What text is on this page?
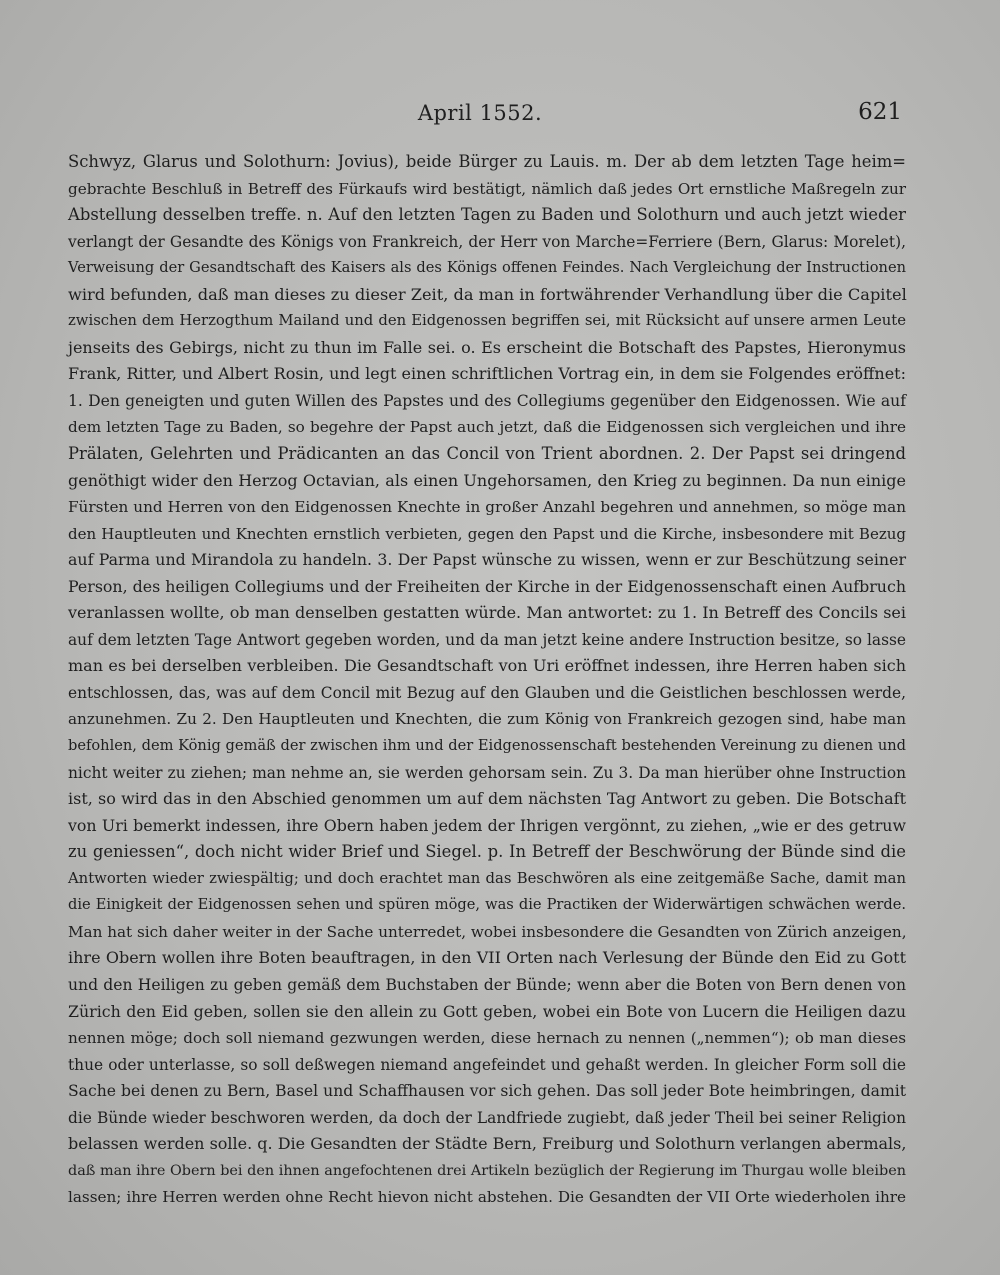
April 1552.	621
Schwyz, Glarus und Solothurn: Jovius), beide Bürger zu Lauis. m. Der ab dem letzten Tage heim=
gebrachte Beschluß in Betreff des Fürkaufs wird bestätigt, nämlich daß jedes Ort ernstliche Maßregeln zur
Abstellung desselben treffe. n. Auf den letzten Tagen zu Baden und Solothurn und auch jetzt wieder
verlangt der Gesandte des Königs von Frankreich, der Herr von Marche=Ferriere (Bern, Glarus: Morelet),
Verweisung der Gesandtschaft des Kaisers als des Königs offenen Feindes. Nach Vergleichung der Instructionen
wird befunden, daß man dieses zu dieser Zeit, da man in fortwährender Verhandlung über die Capitel
zwischen dem Herzogthum Mailand und den Eidgenossen begriffen sei, mit Rücksicht auf unsere armen Leute
jenseits des Gebirgs, nicht zu thun im Falle sei. o. Es erscheint die Botschaft des Papstes, Hieronymus
Frank, Ritter, und Albert Rosin, und legt einen schriftlichen Vortrag ein, in dem sie Folgendes eröffnet:
1. Den geneigten und guten Willen des Papstes und des Collegiums gegenüber den Eidgenossen. Wie auf
dem letzten Tage zu Baden, so begehre der Papst auch jetzt, daß die Eidgenossen sich vergleichen und ihre
Prälaten, Gelehrten und Prädicanten an das Concil von Trient abordnen. 2. Der Papst sei dringend
genöthigt wider den Herzog Octavian, als einen Ungehorsamen, den Krieg zu beginnen. Da nun einige
Fürsten und Herren von den Eidgenossen Knechte in großer Anzahl begehren und annehmen, so möge man
den Hauptleuten und Knechten ernstlich verbieten, gegen den Papst und die Kirche, insbesondere mit Bezug
auf Parma und Mirandola zu handeln. 3. Der Papst wünsche zu wissen, wenn er zur Beschützung seiner
Person, des heiligen Collegiums und der Freiheiten der Kirche in der Eidgenossenschaft einen Aufbruch
veranlassen wollte, ob man denselben gestatten würde. Man antwortet: zu 1. In Betreff des Concils sei
auf dem letzten Tage Antwort gegeben worden, und da man jetzt keine andere Instruction besitze, so lasse
man es bei derselben verbleiben. Die Gesandtschaft von Uri eröffnet indessen, ihre Herren haben sich
entschlossen, das, was auf dem Concil mit Bezug auf den Glauben und die Geistlichen beschlossen werde,
anzunehmen. Zu 2. Den Hauptleuten und Knechten, die zum König von Frankreich gezogen sind, habe man
befohlen, dem König gemäß der zwischen ihm und der Eidgenossenschaft bestehenden Vereinung zu dienen und
nicht weiter zu ziehen; man nehme an, sie werden gehorsam sein. Zu 3. Da man hierüber ohne Instruction
ist, so wird das in den Abschied genommen um auf dem nächsten Tag Antwort zu geben. Die Botschaft
von Uri bemerkt indessen, ihre Obern haben jedem der Ihrigen vergönnt, zu ziehen, „wie er des getruw
zu geniessen“, doch nicht wider Brief und Siegel. p. In Betreff der Beschwörung der Bünde sind die
Antworten wieder zwiespältig; und doch erachtet man das Beschwören als eine zeitgemäße Sache, damit man
die Einigkeit der Eidgenossen sehen und spüren möge, was die Practiken der Widerwärtigen schwächen werde.
Man hat sich daher weiter in der Sache unterredet, wobei insbesondere die Gesandten von Zürich anzeigen,
ihre Obern wollen ihre Boten beauftragen, in den VII Orten nach Verlesung der Bünde den Eid zu Gott
und den Heiligen zu geben gemäß dem Buchstaben der Bünde; wenn aber die Boten von Bern denen von
Zürich den Eid geben, sollen sie den allein zu Gott geben, wobei ein Bote von Lucern die Heiligen dazu
nennen möge; doch soll niemand gezwungen werden, diese hernach zu nennen („nemmen“); ob man dieses
thue oder unterlasse, so soll deßwegen niemand angefeindet und gehaßt werden. In gleicher Form soll die
Sache bei denen zu Bern, Basel und Schaffhausen vor sich gehen. Das soll jeder Bote heimbringen, damit
die Bünde wieder beschworen werden, da doch der Landfriede zugiebt, daß jeder Theil bei seiner Religion
belassen werden solle. q. Die Gesandten der Städte Bern, Freiburg und Solothurn verlangen abermals,
daß man ihre Obern bei den ihnen angefochtenen drei Artikeln bezüglich der Regierung im Thurgau wolle bleiben
lassen; ihre Herren werden ohne Recht hievon nicht abstehen. Die Gesandten der VII Orte wiederholen ihre
